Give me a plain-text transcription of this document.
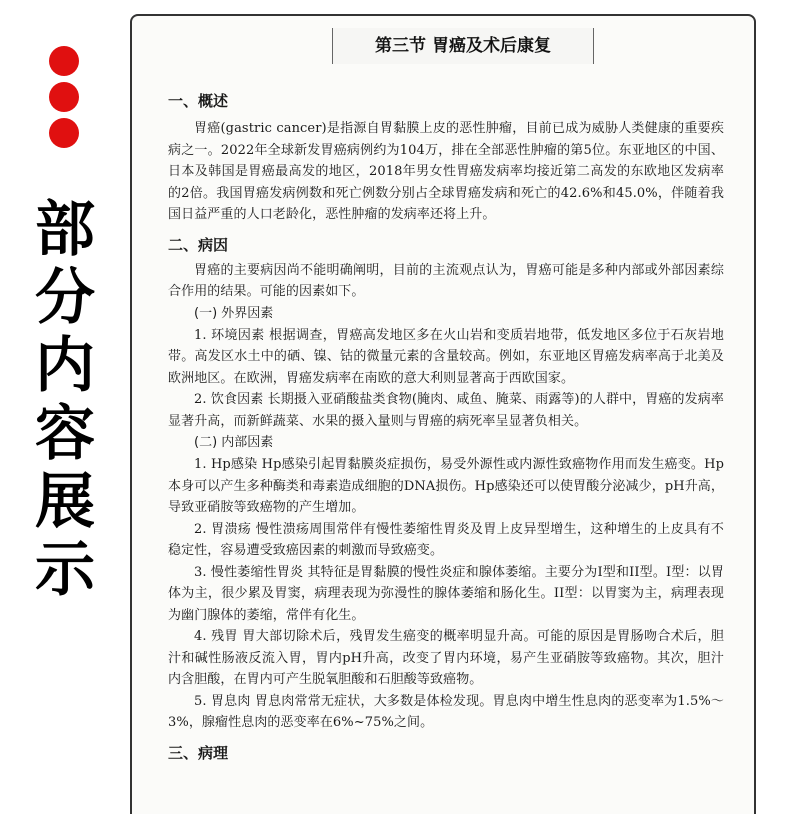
部
分
内
容
展
示
第三节 胃癌及术后康复

一、概述

胃癌(gastric cancer)是指源自胃黏膜上皮的恶性肿瘤，目前已成为威胁人类健康的重要疾病之一。2022年全球新发胃癌病例约为104万，排在全部恶性肿瘤的第5位。东亚地区的中国、日本及韩国是胃癌最高发的地区，2018年男女性胃癌发病率均接近第二高发的东欧地区发病率的2倍。我国胃癌发病例数和死亡例数分别占全球胃癌发病和死亡的42.6%和45.0%，伴随着我国日益严重的人口老龄化，恶性肿瘤的发病率还将上升。

二、病因

胃癌的主要病因尚不能明确阐明，目前的主流观点认为，胃癌可能是多种内部或外部因素综合作用的结果。可能的因素如下。

(一) 外界因素

1. 环境因素 根据调查，胃癌高发地区多在火山岩和变质岩地带，低发地区多位于石灰岩地带。高发区水土中的硒、镍、钴的微量元素的含量较高。例如，东亚地区胃癌发病率高于北美及欧洲地区。在欧洲，胃癌发病率在南欧的意大利则显著高于西欧国家。

2. 饮食因素 长期摄入亚硝酸盐类食物(腌肉、咸鱼、腌菜、雨露等)的人群中，胃癌的发病率显著升高，而新鲜蔬菜、水果的摄入量则与胃癌的病死率呈显著负相关。

(二) 内部因素

1. Hp感染 Hp感染引起胃黏膜炎症损伤，易受外源性或内源性致癌物作用而发生癌变。Hp本身可以产生多种酶类和毒素造成细胞的DNA损伤。Hp感染还可以使胃酸分泌减少，pH升高，导致亚硝胺等致癌物的产生增加。

2. 胃溃疡 慢性溃疡周围常伴有慢性萎缩性胃炎及胃上皮异型增生，这种增生的上皮具有不稳定性，容易遭受致癌因素的刺激而导致癌变。

3. 慢性萎缩性胃炎 其特征是胃黏膜的慢性炎症和腺体萎缩。主要分为I型和II型。I型：以胃体为主，很少累及胃窦，病理表现为弥漫性的腺体萎缩和肠化生。II型：以胃窦为主，病理表现为幽门腺体的萎缩，常伴有化生。

4. 残胃 胃大部切除术后，残胃发生癌变的概率明显升高。可能的原因是胃肠吻合术后，胆汁和碱性肠液反流入胃，胃内pH升高，改变了胃内环境，易产生亚硝胺等致癌物。其次，胆汁内含胆酸，在胃内可产生脱氧胆酸和石胆酸等致癌物。

5. 胃息肉 胃息肉常常无症状，大多数是体检发现。胃息肉中增生性息肉的恶变率为1.5%～3%，腺瘤性息肉的恶变率在6%~75%之间。

三、病理
